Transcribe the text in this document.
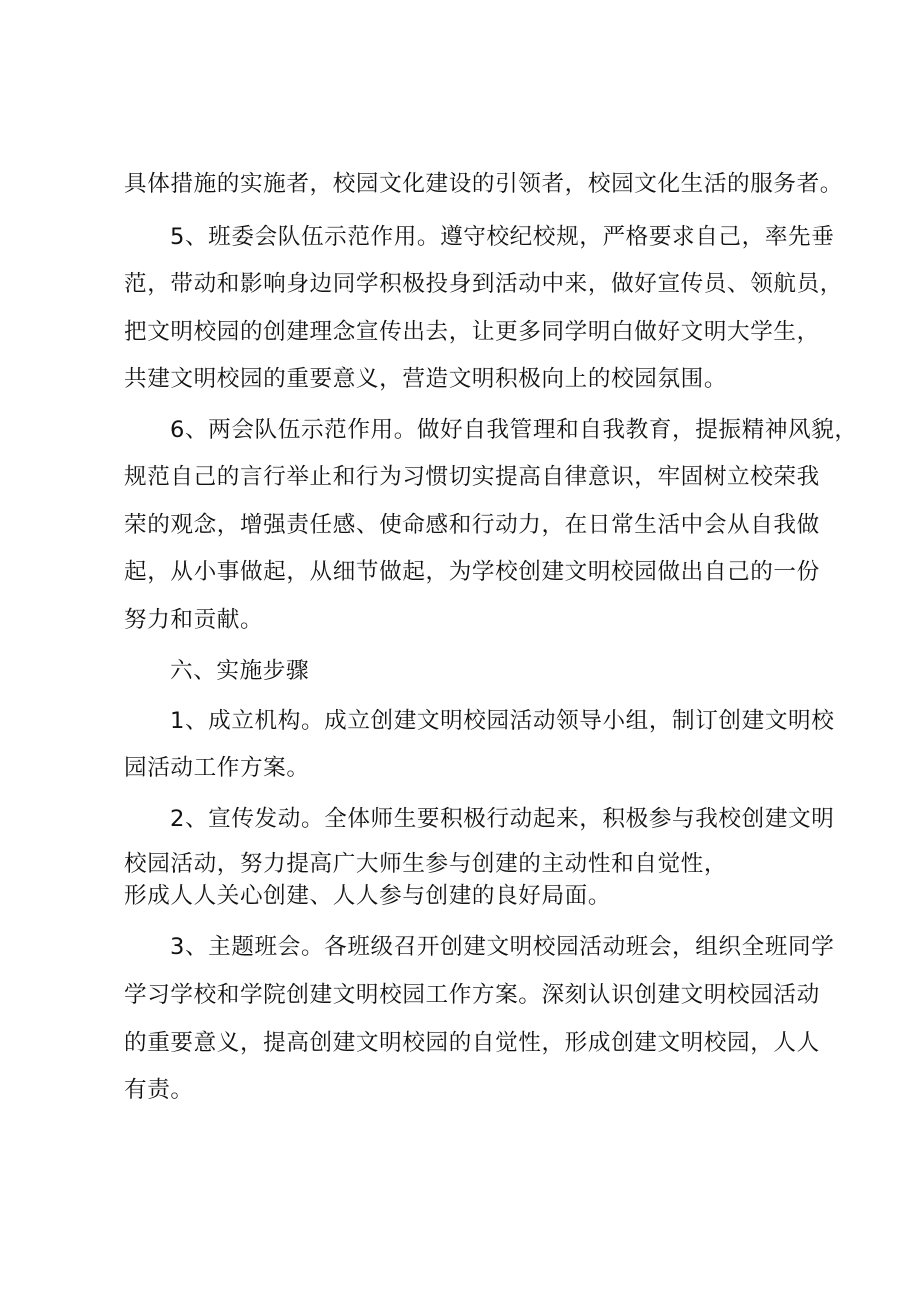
具体措施的实施者，校园文化建设的引领者，校园文化生活的服务者。
5、班委会队伍示范作用。遵守校纪校规，严格要求自己，率先垂
范，带动和影响身边同学积极投身到活动中来，做好宣传员、领航员，
把文明校园的创建理念宣传出去，让更多同学明白做好文明大学生，
共建文明校园的重要意义，营造文明积极向上的校园氛围。
6、两会队伍示范作用。做好自我管理和自我教育，提振精神风貌，
规范自己的言行举止和行为习惯切实提高自律意识，牢固树立校荣我
荣的观念，增强责任感、使命感和行动力，在日常生活中会从自我做
起，从小事做起，从细节做起，为学校创建文明校园做出自己的一份
努力和贡献。
六、实施步骤
1、成立机构。成立创建文明校园活动领导小组，制订创建文明校
园活动工作方案。
2、宣传发动。全体师生要积极行动起来，积极参与我校创建文明
校园活动，努力提高广大师生参与创建的主动性和自觉性，
形成人人关心创建、人人参与创建的良好局面。
3、主题班会。各班级召开创建文明校园活动班会，组织全班同学
学习学校和学院创建文明校园工作方案。深刻认识创建文明校园活动
的重要意义，提高创建文明校园的自觉性，形成创建文明校园，人人
有责。
